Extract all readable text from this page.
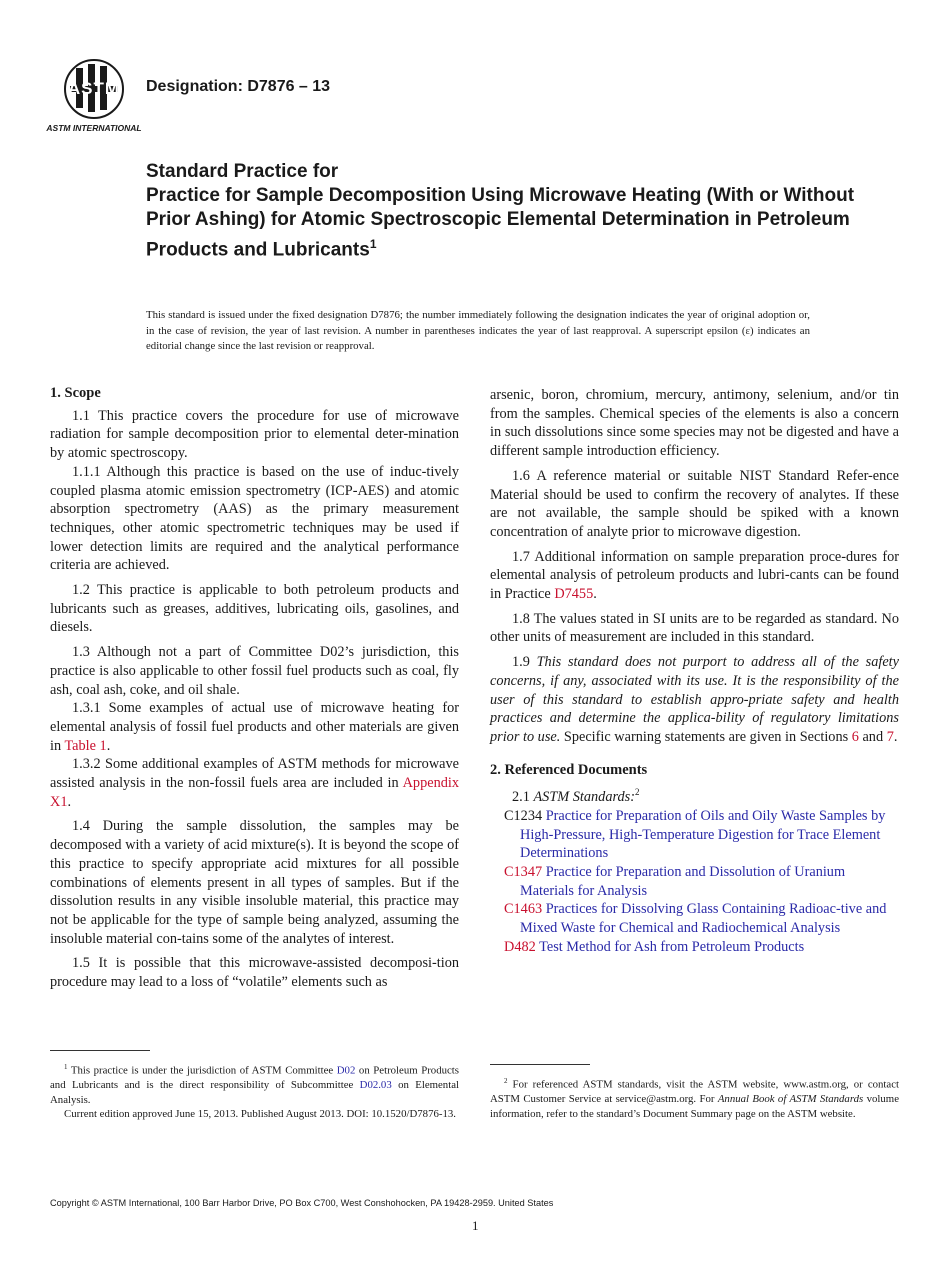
ASTM
ASTM INTERNATIONAL
Designation: D7876 – 13
Standard Practice for
Practice for Sample Decomposition Using Microwave Heating (With or Without Prior Ashing) for Atomic Spectroscopic Elemental Determination in Petroleum Products and Lubricants$^1$
This standard is issued under the fixed designation D7876; the number immediately following the designation indicates the year of original adoption or, in the case of revision, the year of last revision. A number in parentheses indicates the year of last reapproval. A superscript epsilon (ε) indicates an editorial change since the last revision or reapproval.
1. Scope

1.1 This practice covers the procedure for use of microwave radiation for sample decomposition prior to elemental deter-mination by atomic spectroscopy.

1.1.1 Although this practice is based on the use of induc-tively coupled plasma atomic emission spectrometry (ICP-AES) and atomic absorption spectrometry (AAS) as the primary measurement techniques, other atomic spectrometric techniques may be used if lower detection limits are required and the analytical performance criteria are achieved.

1.2 This practice is applicable to both petroleum products and lubricants such as greases, additives, lubricating oils, gasolines, and diesels.

1.3 Although not a part of Committee D02’s jurisdiction, this practice is also applicable to other fossil fuel products such as coal, fly ash, coal ash, coke, and oil shale.

1.3.1 Some examples of actual use of microwave heating for elemental analysis of fossil fuel products and other materials are given in Table 1.

1.3.2 Some additional examples of ASTM methods for microwave assisted analysis in the non-fossil fuels area are included in Appendix X1.

1.4 During the sample dissolution, the samples may be decomposed with a variety of acid mixture(s). It is beyond the scope of this practice to specify appropriate acid mixtures for all possible combinations of elements present in all types of samples. But if the dissolution results in any visible insoluble material, this practice may not be applicable for the type of sample being analyzed, assuming the insoluble material con-tains some of the analytes of interest.

1.5 It is possible that this microwave-assisted decomposi-tion procedure may lead to a loss of “volatile” elements such as

arsenic, boron, chromium, mercury, antimony, selenium, and/or tin from the samples. Chemical species of the elements is also a concern in such dissolutions since some species may not be digested and have a different sample introduction efficiency.

1.6 A reference material or suitable NIST Standard Refer-ence Material should be used to confirm the recovery of analytes. If these are not available, the sample should be spiked with a known concentration of analyte prior to microwave digestion.

1.7 Additional information on sample preparation proce-dures for elemental analysis of petroleum products and lubri-cants can be found in Practice D7455.

1.8 The values stated in SI units are to be regarded as standard. No other units of measurement are included in this standard.

1.9 This standard does not purport to address all of the safety concerns, if any, associated with its use. It is the responsibility of the user of this standard to establish appro-priate safety and health practices and determine the applica-bility of regulatory limitations prior to use. Specific warning statements are given in Sections 6 and 7.

2. Referenced Documents

2.1 ASTM Standards:$^2$

C1234 Practice for Preparation of Oils and Oily Waste Samples by High-Pressure, High-Temperature Digestion for Trace Element Determinations
C1347 Practice for Preparation and Dissolution of Uranium Materials for Analysis
C1463 Practices for Dissolving Glass Containing Radioac-tive and Mixed Waste for Chemical and Radiochemical Analysis
D482 Test Method for Ash from Petroleum Products

$^1$ This practice is under the jurisdiction of ASTM Committee D02 on Petroleum Products and Lubricants and is the direct responsibility of Subcommittee D02.03 on Elemental Analysis.

Current edition approved June 15, 2013. Published August 2013. DOI: 10.1520/D7876-13.

$^2$ For referenced ASTM standards, visit the ASTM website, www.astm.org, or contact ASTM Customer Service at service@astm.org. For Annual Book of ASTM Standards volume information, refer to the standard’s Document Summary page on the ASTM website.

Copyright © ASTM International, 100 Barr Harbor Drive, PO Box C700, West Conshohocken, PA 19428-2959. United States
1
